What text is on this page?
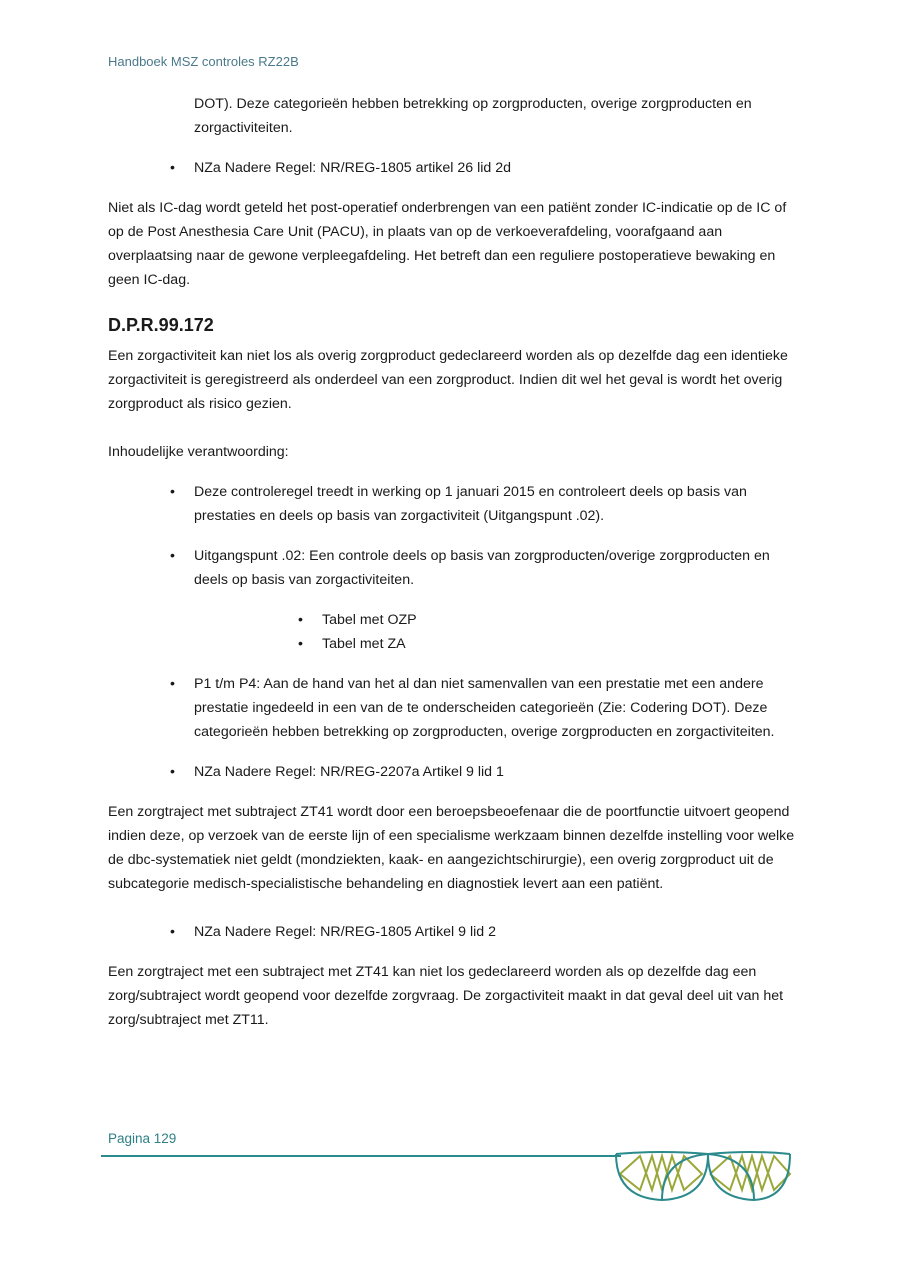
Handboek MSZ controles RZ22B

DOT). Deze categorieën hebben betrekking op zorgproducten, overige zorgproducten en zorgactiviteiten.

• NZa Nadere Regel: NR/REG-1805 artikel 26 lid 2d

Niet als IC-dag wordt geteld het post-operatief onderbrengen van een patiënt zonder IC-indicatie op de IC of op de Post Anesthesia Care Unit (PACU), in plaats van op de verkoeverafdeling, voorafgaand aan overplaatsing naar de gewone verpleegafdeling. Het betreft dan een reguliere postoperatieve bewaking en geen IC-dag.

D.P.R.99.172

Een zorgactiviteit kan niet los als overig zorgproduct gedeclareerd worden als op dezelfde dag een identieke zorgactiviteit is geregistreerd als onderdeel van een zorgproduct. Indien dit wel het geval is wordt het overig zorgproduct als risico gezien.

Inhoudelijke verantwoording:

• Deze controleregel treedt in werking op 1 januari 2015 en controleert deels op basis van prestaties en deels op basis van zorgactiviteit (Uitgangspunt .02).

• Uitgangspunt .02: Een controle deels op basis van zorgproducten/overige zorgproducten en deels op basis van zorgactiviteiten.

• Tabel met OZP

• Tabel met ZA

• P1 t/m P4: Aan de hand van het al dan niet samenvallen van een prestatie met een andere prestatie ingedeeld in een van de te onderscheiden categorieën (Zie: Codering DOT). Deze categorieën hebben betrekking op zorgproducten, overige zorgproducten en zorgactiviteiten.

• NZa Nadere Regel: NR/REG-2207a Artikel 9 lid 1

Een zorgtraject met subtraject ZT41 wordt door een beroepsbeoefenaar die de poortfunctie uitvoert geopend indien deze, op verzoek van de eerste lijn of een specialisme werkzaam binnen dezelfde instelling voor welke de dbc-systematiek niet geldt (mondziekten, kaak- en aangezichtschirurgie), een overig zorgproduct uit de subcategorie medisch-specialistische behandeling en diagnostiek levert aan een patiënt.

• NZa Nadere Regel: NR/REG-1805 Artikel 9 lid 2

Een zorgtraject met een subtraject met ZT41 kan niet los gedeclareerd worden als op dezelfde dag een zorg/subtraject wordt geopend voor dezelfde zorgvraag. De zorgactiviteit maakt in dat geval deel uit van het zorg/subtraject met ZT11.

Pagina 129
